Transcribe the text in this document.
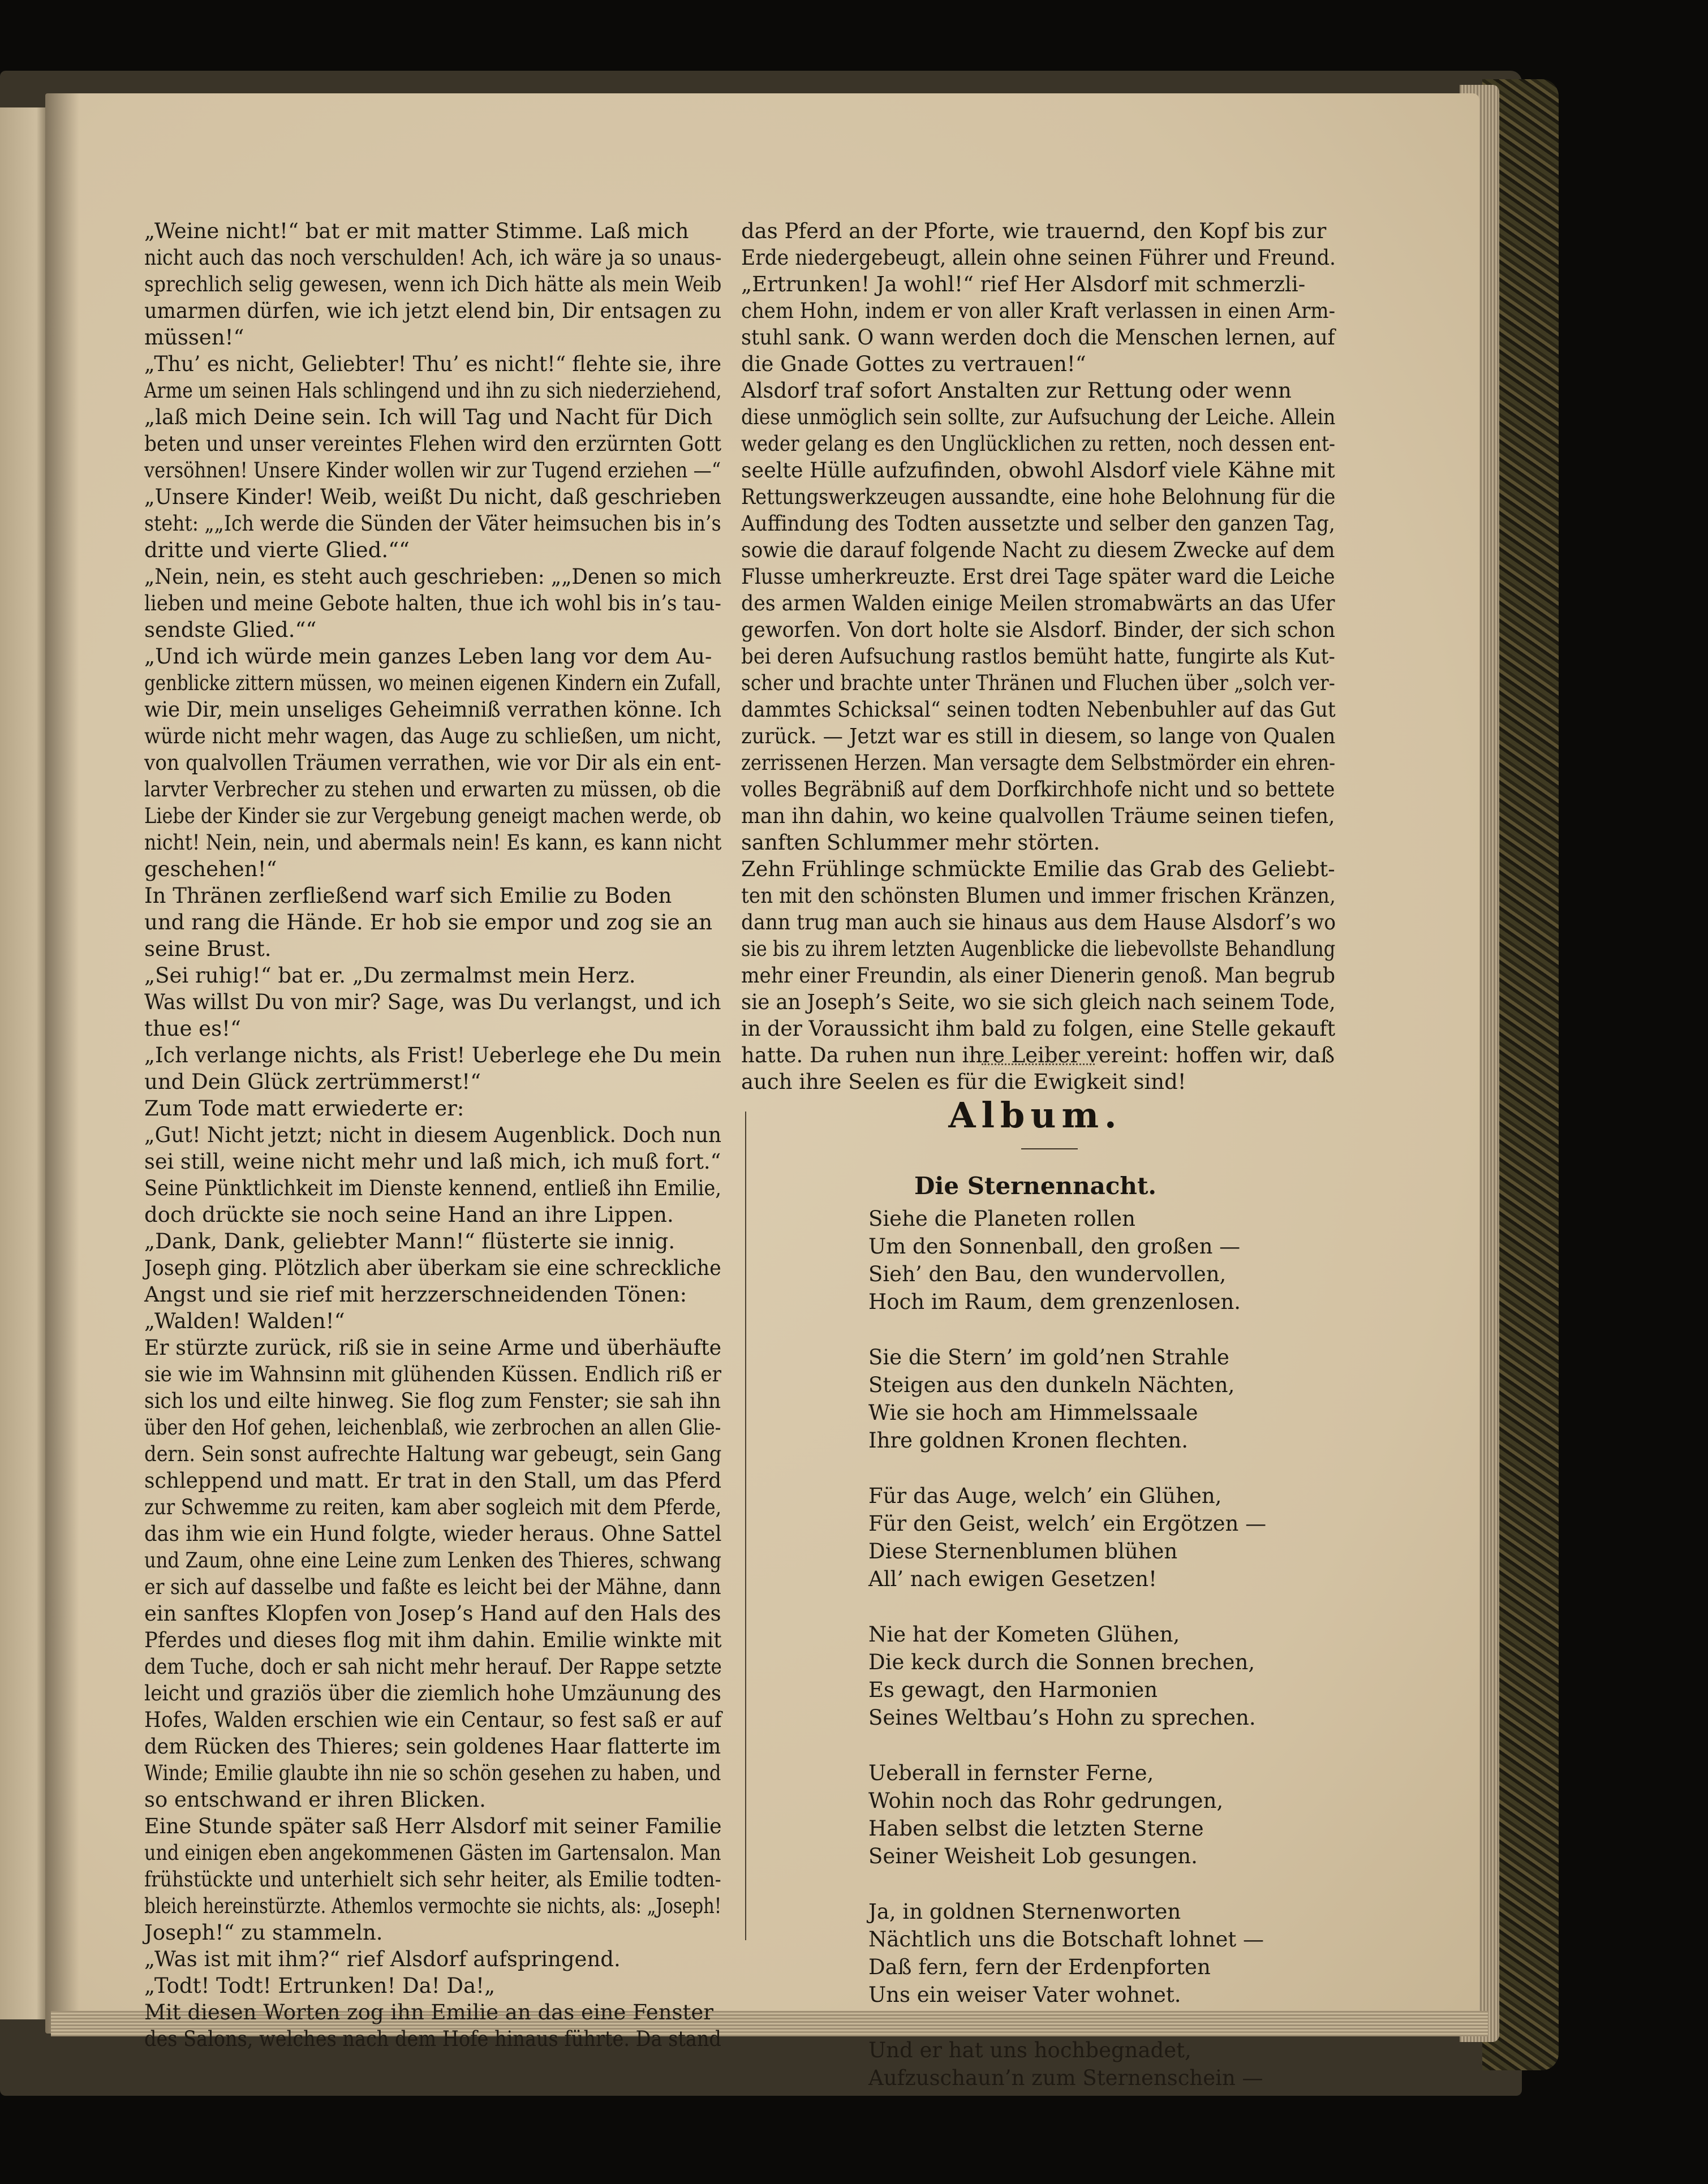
„Weine nicht!“ bat er mit matter Stimme. Laß mich

nicht auch das noch verschulden! Ach, ich wäre ja so unaus-

sprechlich selig gewesen, wenn ich Dich hätte als mein Weib

umarmen dürfen, wie ich jetzt elend bin, Dir entsagen zu

müssen!“

„Thu’ es nicht, Geliebter! Thu’ es nicht!“ flehte sie, ihre

Arme um seinen Hals schlingend und ihn zu sich niederziehend,

„laß mich Deine sein. Ich will Tag und Nacht für Dich

beten und unser vereintes Flehen wird den erzürnten Gott

versöhnen! Unsere Kinder wollen wir zur Tugend erziehen —“

„Unsere Kinder! Weib, weißt Du nicht, daß geschrieben

steht: „„Ich werde die Sünden der Väter heimsuchen bis in’s

dritte und vierte Glied.““

„Nein, nein, es steht auch geschrieben: „„Denen so mich

lieben und meine Gebote halten, thue ich wohl bis in’s tau-

sendste Glied.““

„Und ich würde mein ganzes Leben lang vor dem Au-

genblicke zittern müssen, wo meinen eigenen Kindern ein Zufall,

wie Dir, mein unseliges Geheimniß verrathen könne. Ich

würde nicht mehr wagen, das Auge zu schließen, um nicht,

von qualvollen Träumen verrathen, wie vor Dir als ein ent-

larvter Verbrecher zu stehen und erwarten zu müssen, ob die

Liebe der Kinder sie zur Vergebung geneigt machen werde, ob

nicht! Nein, nein, und abermals nein! Es kann, es kann nicht

geschehen!“

In Thränen zerfließend warf sich Emilie zu Boden

und rang die Hände. Er hob sie empor und zog sie an

seine Brust.

„Sei ruhig!“ bat er. „Du zermalmst mein Herz.

Was willst Du von mir? Sage, was Du verlangst, und ich

thue es!“

„Ich verlange nichts, als Frist! Ueberlege ehe Du mein

und Dein Glück zertrümmerst!“

Zum Tode matt erwiederte er:

„Gut! Nicht jetzt; nicht in diesem Augenblick. Doch nun

sei still, weine nicht mehr und laß mich, ich muß fort.“

Seine Pünktlichkeit im Dienste kennend, entließ ihn Emilie,

doch drückte sie noch seine Hand an ihre Lippen.

„Dank, Dank, geliebter Mann!“ flüsterte sie innig.

Joseph ging. Plötzlich aber überkam sie eine schreckliche

Angst und sie rief mit herzzerschneidenden Tönen:

„Walden! Walden!“

Er stürzte zurück, riß sie in seine Arme und überhäufte

sie wie im Wahnsinn mit glühenden Küssen. Endlich riß er

sich los und eilte hinweg. Sie flog zum Fenster; sie sah ihn

über den Hof gehen, leichenblaß, wie zerbrochen an allen Glie-

dern. Sein sonst aufrechte Haltung war gebeugt, sein Gang

schleppend und matt. Er trat in den Stall, um das Pferd

zur Schwemme zu reiten, kam aber sogleich mit dem Pferde,

das ihm wie ein Hund folgte, wieder heraus. Ohne Sattel

und Zaum, ohne eine Leine zum Lenken des Thieres, schwang

er sich auf dasselbe und faßte es leicht bei der Mähne, dann

ein sanftes Klopfen von Josep’s Hand auf den Hals des

Pferdes und dieses flog mit ihm dahin. Emilie winkte mit

dem Tuche, doch er sah nicht mehr herauf. Der Rappe setzte

leicht und graziös über die ziemlich hohe Umzäunung des

Hofes, Walden erschien wie ein Centaur, so fest saß er auf

dem Rücken des Thieres; sein goldenes Haar flatterte im

Winde; Emilie glaubte ihn nie so schön gesehen zu haben, und

so entschwand er ihren Blicken.

Eine Stunde später saß Herr Alsdorf mit seiner Familie

und einigen eben angekommenen Gästen im Gartensalon. Man

frühstückte und unterhielt sich sehr heiter, als Emilie todten-

bleich hereinstürzte. Athemlos vermochte sie nichts, als: „Joseph!

Joseph!“ zu stammeln.

„Was ist mit ihm?“ rief Alsdorf aufspringend.

„Todt! Todt! Ertrunken! Da! Da!„

Mit diesen Worten zog ihn Emilie an das eine Fenster

des Salons, welches nach dem Hofe hinaus führte. Da stand

das Pferd an der Pforte, wie trauernd, den Kopf bis zur

Erde niedergebeugt, allein ohne seinen Führer und Freund.

„Ertrunken! Ja wohl!“ rief Her Alsdorf mit schmerzli-

chem Hohn, indem er von aller Kraft verlassen in einen Arm-

stuhl sank. O wann werden doch die Menschen lernen, auf

die Gnade Gottes zu vertrauen!“

Alsdorf traf sofort Anstalten zur Rettung oder wenn

diese unmöglich sein sollte, zur Aufsuchung der Leiche. Allein

weder gelang es den Unglücklichen zu retten, noch dessen ent-

seelte Hülle aufzufinden, obwohl Alsdorf viele Kähne mit

Rettungswerkzeugen aussandte, eine hohe Belohnung für die

Auffindung des Todten aussetzte und selber den ganzen Tag,

sowie die darauf folgende Nacht zu diesem Zwecke auf dem

Flusse umherkreuzte. Erst drei Tage später ward die Leiche

des armen Walden einige Meilen stromabwärts an das Ufer

geworfen. Von dort holte sie Alsdorf. Binder, der sich schon

bei deren Aufsuchung rastlos bemüht hatte, fungirte als Kut-

scher und brachte unter Thränen und Fluchen über „solch ver-

dammtes Schicksal“ seinen todten Nebenbuhler auf das Gut

zurück. — Jetzt war es still in diesem, so lange von Qualen

zerrissenen Herzen. Man versagte dem Selbstmörder ein ehren-

volles Begräbniß auf dem Dorfkirchhofe nicht und so bettete

man ihn dahin, wo keine qualvollen Träume seinen tiefen,

sanften Schlummer mehr störten.

Zehn Frühlinge schmückte Emilie das Grab des Geliebt-

ten mit den schönsten Blumen und immer frischen Kränzen,

dann trug man auch sie hinaus aus dem Hause Alsdorf’s wo

sie bis zu ihrem letzten Augenblicke die liebevollste Behandlung

mehr einer Freundin, als einer Dienerin genoß. Man begrub

sie an Joseph’s Seite, wo sie sich gleich nach seinem Tode,

in der Voraussicht ihm bald zu folgen, eine Stelle gekauft

hatte. Da ruhen nun ihre Leiber vereint: hoffen wir, daß

auch ihre Seelen es für die Ewigkeit sind!

Album.
Die Sternennacht.
Siehe die Planeten rollen
Um den Sonnenball, den großen —
Sieh’ den Bau, den wundervollen,
Hoch im Raum, dem grenzenlosen.
Sie die Stern’ im gold’nen Strahle
Steigen aus den dunkeln Nächten,
Wie sie hoch am Himmelssaale
Ihre goldnen Kronen flechten.
Für das Auge, welch’ ein Glühen,
Für den Geist, welch’ ein Ergötzen —
Diese Sternenblumen blühen
All’ nach ewigen Gesetzen!
Nie hat der Kometen Glühen,
Die keck durch die Sonnen brechen,
Es gewagt, den Harmonien
Seines Weltbau’s Hohn zu sprechen.
Ueberall in fernster Ferne,
Wohin noch das Rohr gedrungen,
Haben selbst die letzten Sterne
Seiner Weisheit Lob gesungen.
Ja, in goldnen Sternenworten
Nächtlich uns die Botschaft lohnet —
Daß fern, fern der Erdenpforten
Uns ein weiser Vater wohnet.
Und er hat uns hochbegnadet,
Aufzuschaun’n zum Sternenschein —
